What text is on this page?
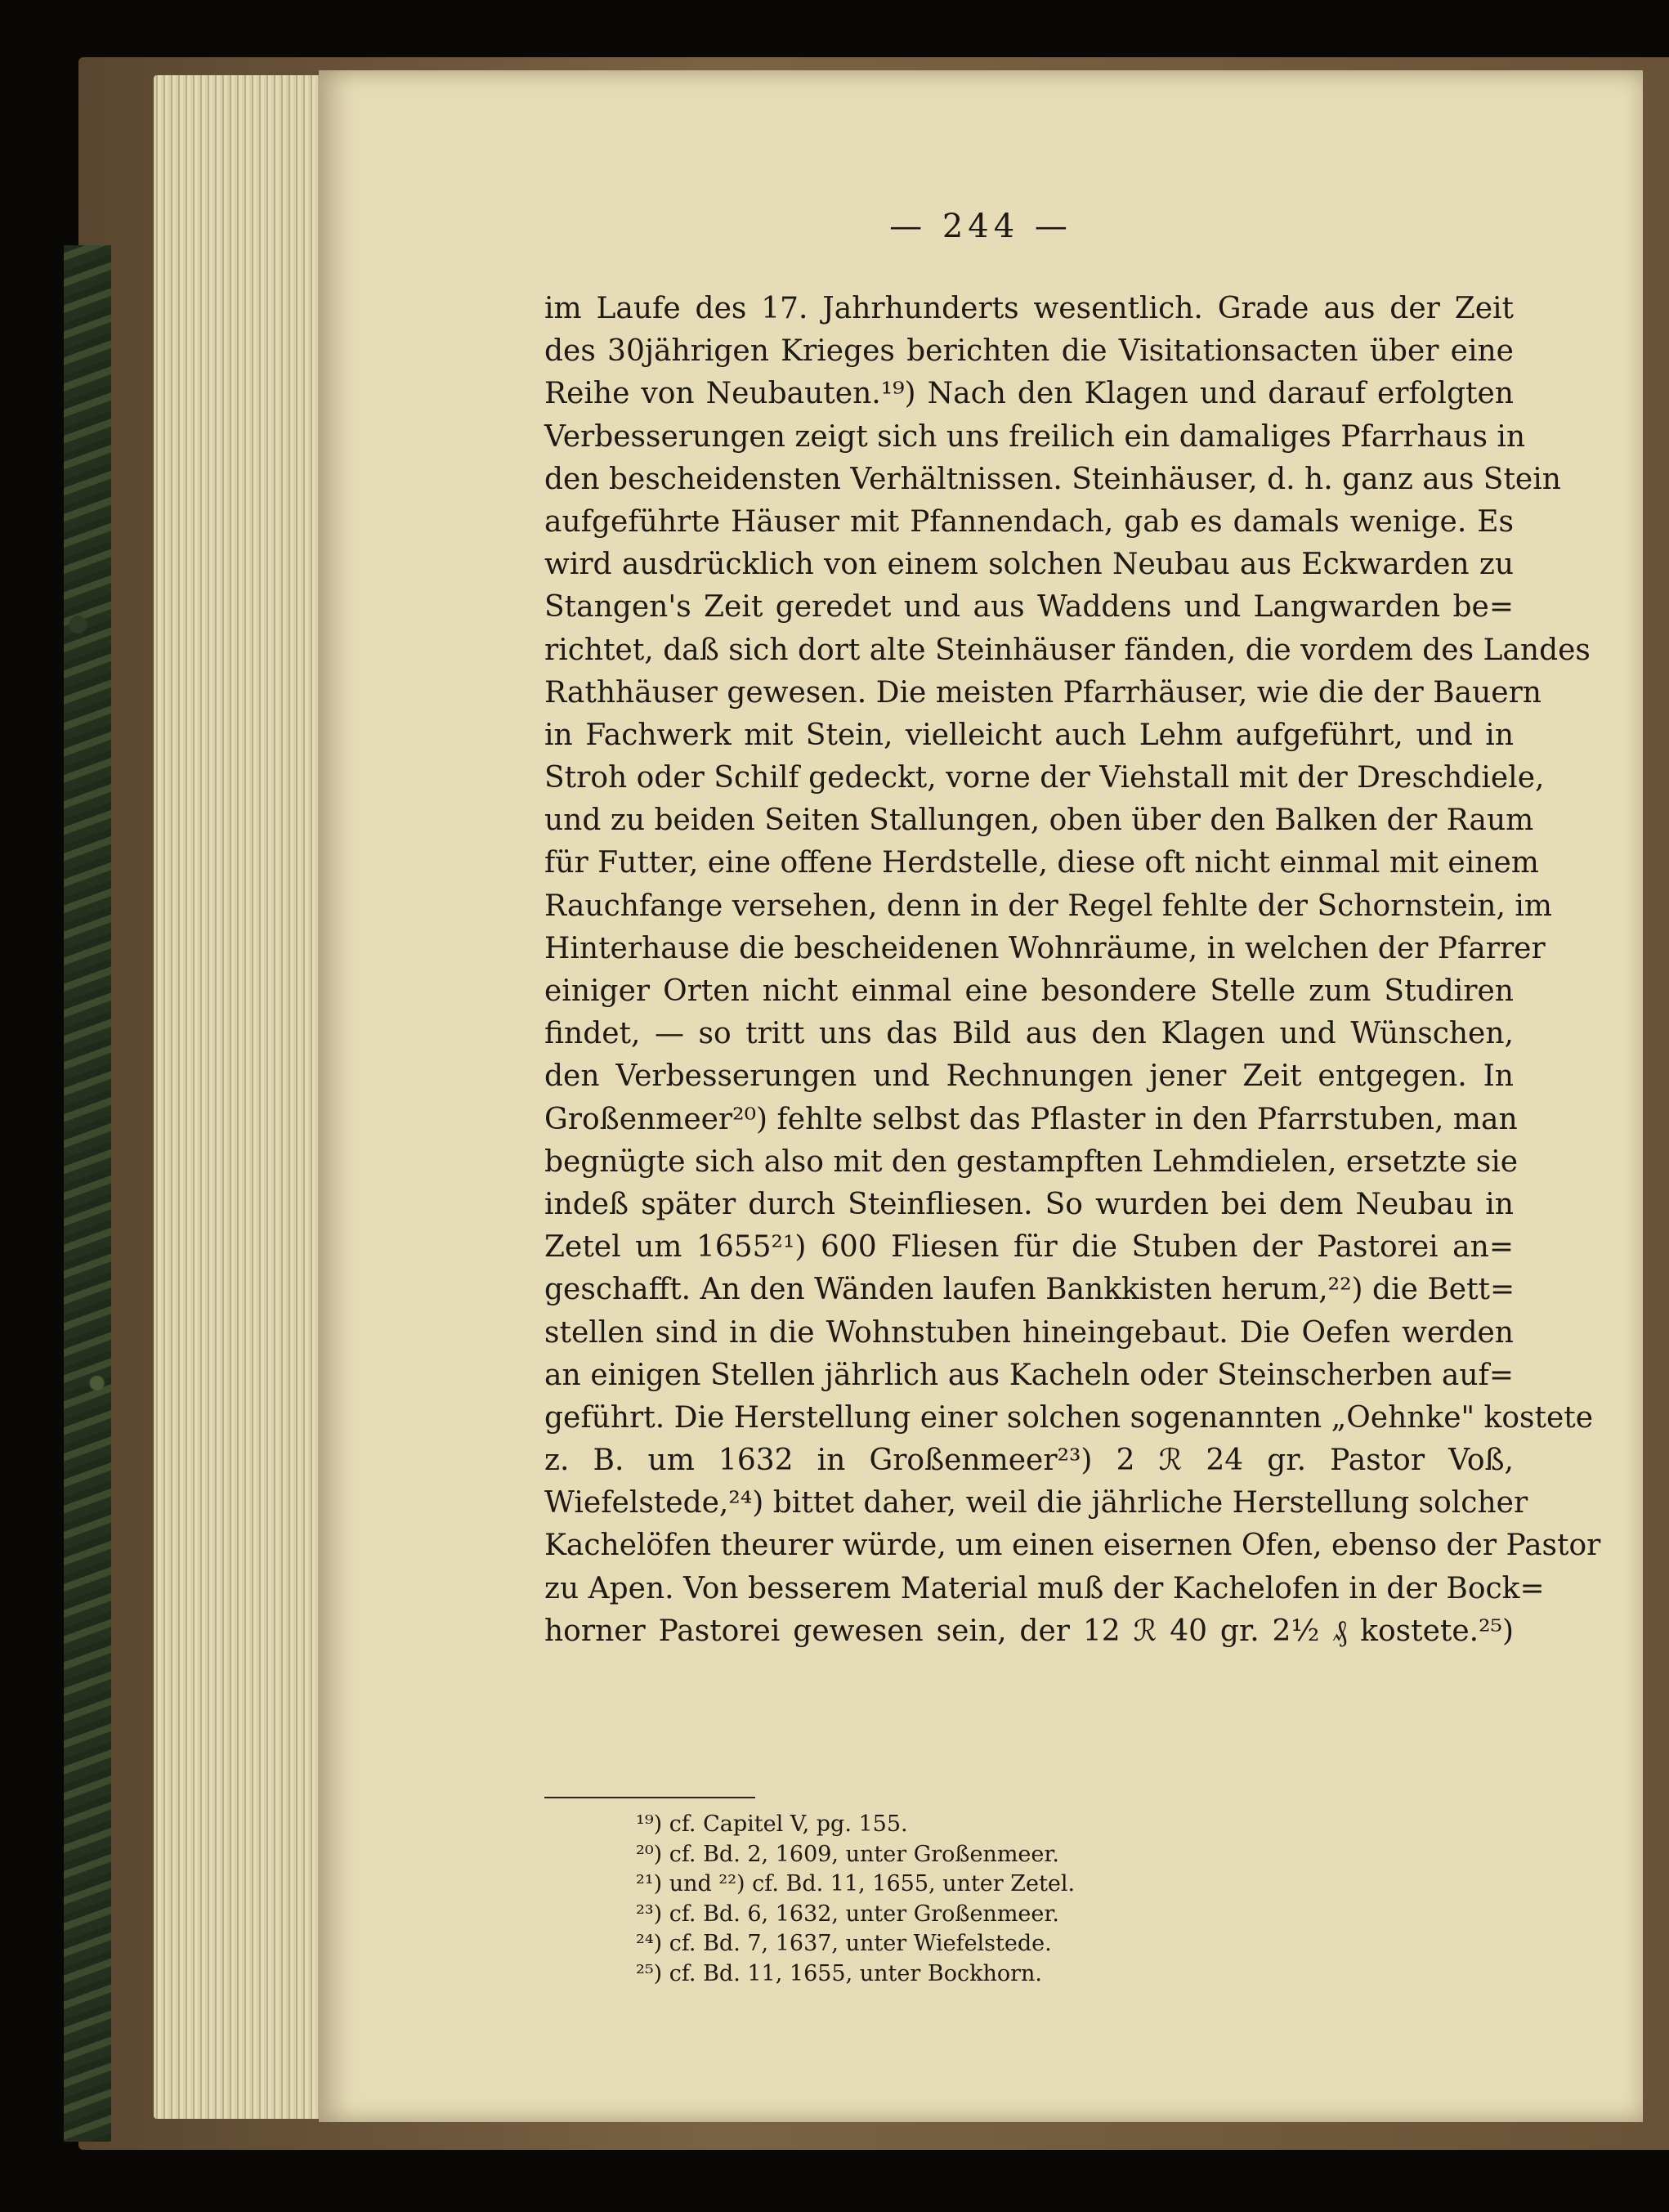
— 244 —
im Laufe des 17. Jahrhunderts wesentlich. Grade aus der Zeit
des 30jährigen Krieges berichten die Visitationsacten über eine
Reihe von Neubauten.¹⁹) Nach den Klagen und darauf erfolgten
Verbesserungen zeigt sich uns freilich ein damaliges Pfarrhaus in
den bescheidensten Verhältnissen. Steinhäuser, d. h. ganz aus Stein
aufgeführte Häuser mit Pfannendach, gab es damals wenige. Es
wird ausdrücklich von einem solchen Neubau aus Eckwarden zu
Stangen's Zeit geredet und aus Waddens und Langwarden be=
richtet, daß sich dort alte Steinhäuser fänden, die vordem des Landes
Rathhäuser gewesen. Die meisten Pfarrhäuser, wie die der Bauern
in Fachwerk mit Stein, vielleicht auch Lehm aufgeführt, und in
Stroh oder Schilf gedeckt, vorne der Viehstall mit der Dreschdiele,
und zu beiden Seiten Stallungen, oben über den Balken der Raum
für Futter, eine offene Herdstelle, diese oft nicht einmal mit einem
Rauchfange versehen, denn in der Regel fehlte der Schornstein, im
Hinterhause die bescheidenen Wohnräume, in welchen der Pfarrer
einiger Orten nicht einmal eine besondere Stelle zum Studiren
findet, — so tritt uns das Bild aus den Klagen und Wünschen,
den Verbesserungen und Rechnungen jener Zeit entgegen. In
Großenmeer²⁰) fehlte selbst das Pflaster in den Pfarrstuben, man
begnügte sich also mit den gestampften Lehmdielen, ersetzte sie
indeß später durch Steinfliesen. So wurden bei dem Neubau in
Zetel um 1655²¹) 600 Fliesen für die Stuben der Pastorei an=
geschafft. An den Wänden laufen Bankkisten herum,²²) die Bett=
stellen sind in die Wohnstuben hineingebaut. Die Oefen werden
an einigen Stellen jährlich aus Kacheln oder Steinscherben auf=
geführt. Die Herstellung einer solchen sogenannten „Oehnke" kostete
z. B. um 1632 in Großenmeer²³) 2 ℛ 24 gr. Pastor Voß,
Wiefelstede,²⁴) bittet daher, weil die jährliche Herstellung solcher
Kachelöfen theurer würde, um einen eisernen Ofen, ebenso der Pastor
zu Apen. Von besserem Material muß der Kachelofen in der Bock=
horner Pastorei gewesen sein, der 12 ℛ 40 gr. 2½ ₰ kostete.²⁵)
¹⁹) cf. Capitel V, pg. 155.
²⁰) cf. Bd. 2, 1609, unter Großenmeer.
²¹) und ²²) cf. Bd. 11, 1655, unter Zetel.
²³) cf. Bd. 6, 1632, unter Großenmeer.
²⁴) cf. Bd. 7, 1637, unter Wiefelstede.
²⁵) cf. Bd. 11, 1655, unter Bockhorn.
